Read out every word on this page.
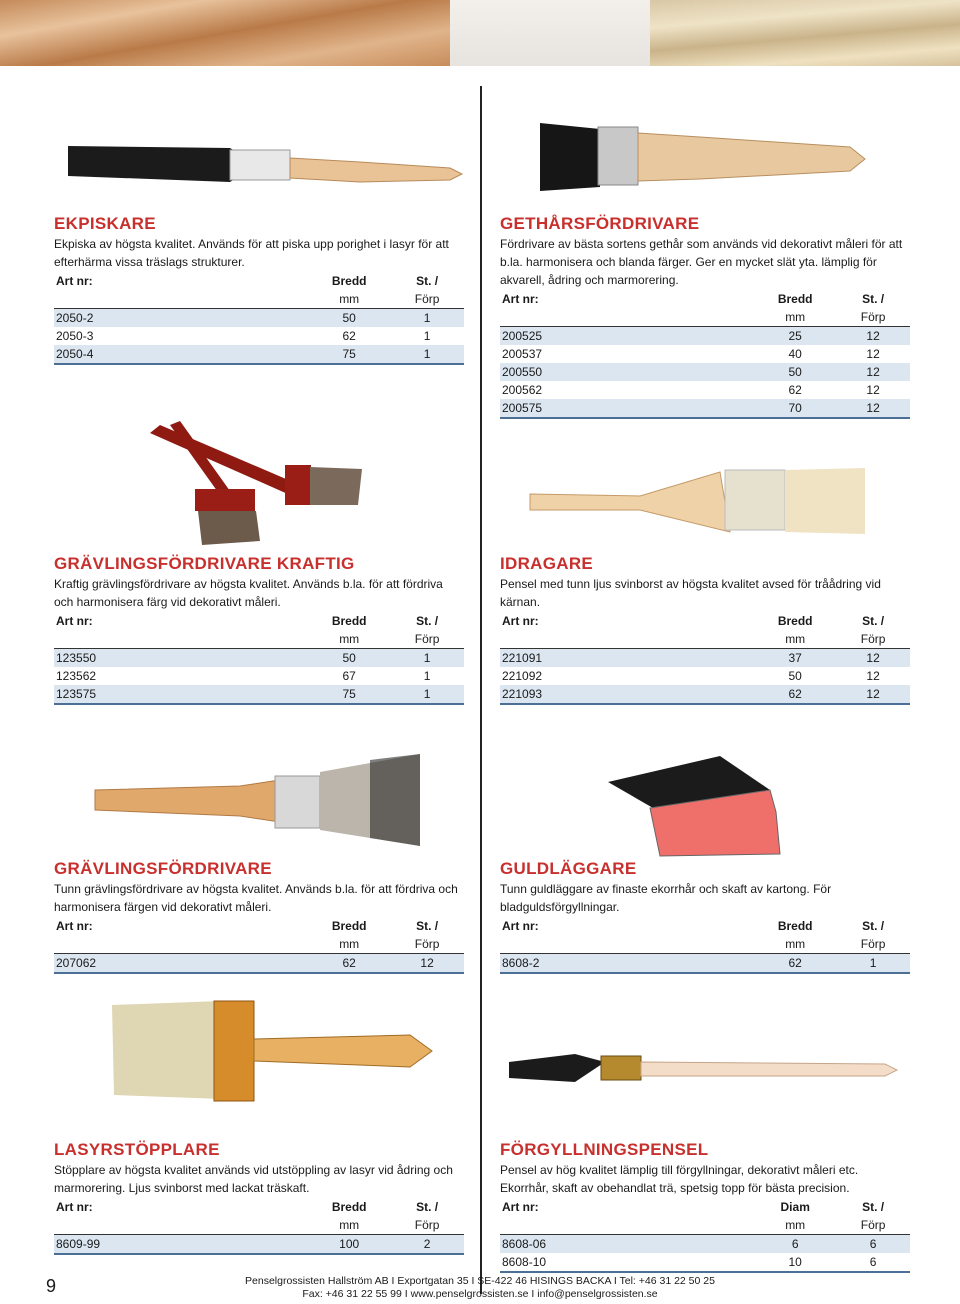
EKPISKARE
Ekpiska av högsta kvalitet. Används för att piska upp porighet i lasyr för att efterhärma vissa träslags strukturer.
Art nr:	Bredd	St. /
	mm	Förp
2050-2	50	1
2050-3	62	1
2050-4	75	1
GETHÅRSFÖRDRIVARE
Fördrivare av bästa sortens gethår som används vid dekorativt måleri för att b.la. harmonisera och blanda färger. Ger en mycket slät yta. lämplig för akvarell, ådring och marmorering.
Art nr:	Bredd	St. /
	mm	Förp
200525	25	12
200537	40	12
200550	50	12
200562	62	12
200575	70	12
GRÄVLINGSFÖRDRIVARE KRAFTIG
Kraftig grävlingsfördrivare av högsta kvalitet. Används b.la. för att fördriva och harmonisera färg vid dekorativt måleri.
Art nr:	Bredd	St. /
	mm	Förp
123550	50	1
123562	67	1
123575	75	1
IDRAGARE
Pensel med tunn ljus svinborst av högsta kvalitet avsed för tråådring vid kärnan.
Art nr:	Bredd	St. /
	mm	Förp
221091	37	12
221092	50	12
221093	62	12
GRÄVLINGSFÖRDRIVARE
Tunn grävlingsfördrivare av högsta kvalitet. Används b.la. för att fördriva och harmonisera färgen vid dekorativt måleri.
Art nr:	Bredd	St. /
	mm	Förp
207062	62	12
GULDLÄGGARE
Tunn guldläggare av finaste ekorrhår och skaft av kartong. För bladguldsförgyllningar.
Art nr:	Bredd	St. /
	mm	Förp
8608-2	62	1
LASYRSTÖPPLARE
Stöpplare av högsta kvalitet används vid utstöppling av lasyr vid ådring och marmorering. Ljus svinborst med lackat träskaft.
Art nr:	Bredd	St. /
	mm	Förp
8609-99	100	2
FÖRGYLLNINGSPENSEL
Pensel av hög kvalitet lämplig till förgyllningar, dekorativt måleri etc. Ekorrhår, skaft av obehandlat trä, spetsig topp för bästa precision.
Art nr:	Diam	St. /
	mm	Förp
8608-06	6	6
8608-10	10	6
9	Penselgrossisten Hallström AB I Exportgatan 35 I SE-422 46 HISINGS BACKA I Tel: +46 31 22 50 25
Fax: +46 31 22 55 99 I www.penselgrossisten.se I info@penselgrossisten.se
